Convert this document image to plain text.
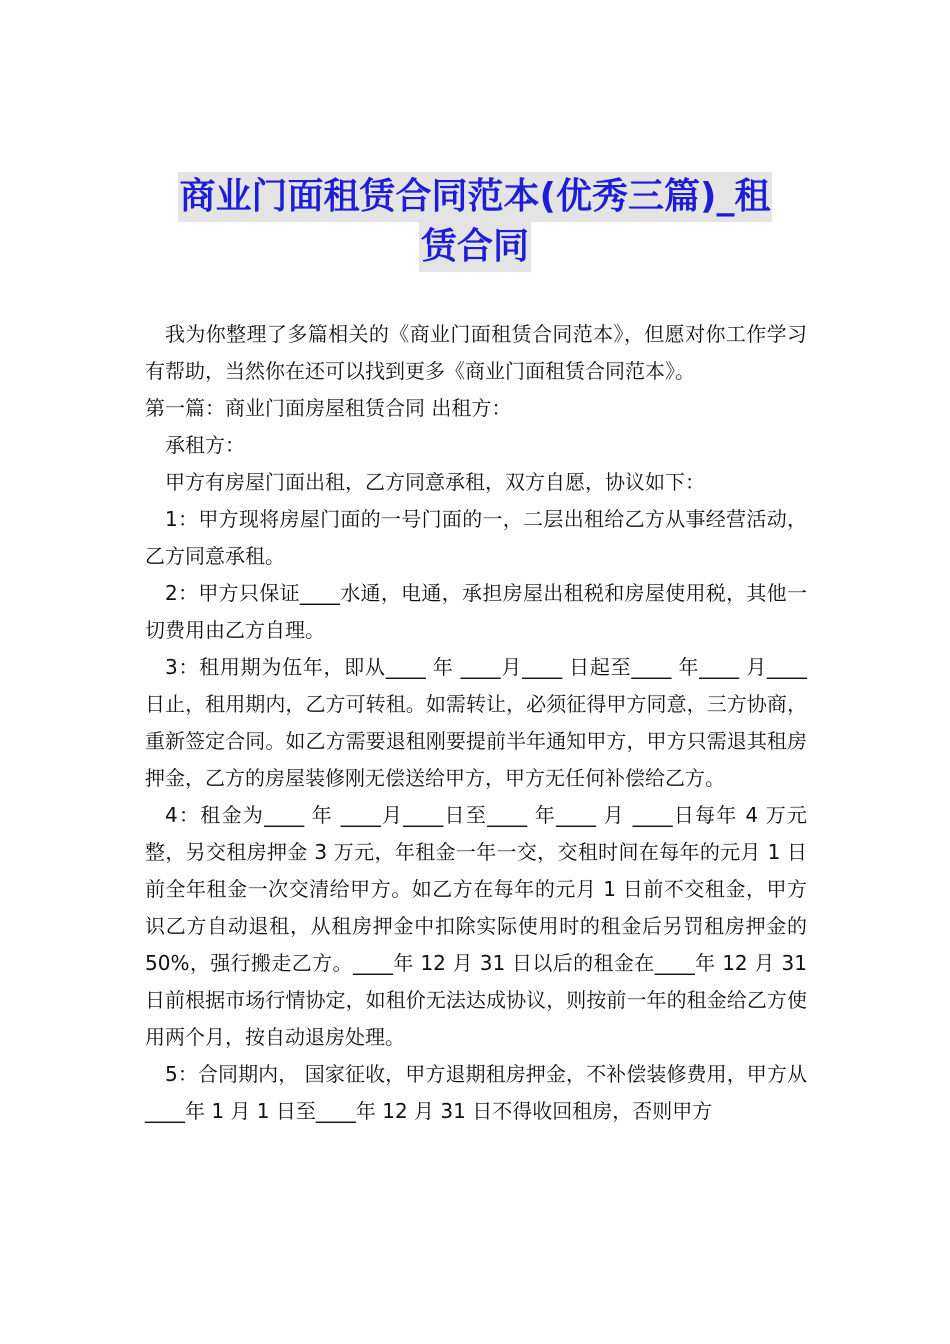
商业门面租赁合同范本(优秀三篇)_租
赁合同

我为你整理了多篇相关的《商业门面租赁合同范本》，但愿对你工作学习有帮助，当然你在还可以找到更多《商业门面租赁合同范本》。

第一篇：商业门面房屋租赁合同 出租方：

承租方：

甲方有房屋门面出租，乙方同意承租，双方自愿，协议如下：

1：甲方现将房屋门面的一号门面的一，二层出租给乙方从事经营活动，乙方同意承租。

2：甲方只保证____水通，电通，承担房屋出租税和房屋使用税，其他一切费用由乙方自理。

3：租用期为伍年，即从____ 年 ____月____ 日起至____ 年____ 月____日止，租用期内，乙方可转租。如需转让，必须征得甲方同意，三方协商，重新签定合同。如乙方需要退租刚要提前半年通知甲方，甲方只需退其租房押金，乙方的房屋装修刚无偿送给甲方，甲方无任何补偿给乙方。

4：租金为____ 年 ____月____日至____ 年____ 月 ____日每年 4 万元整，另交租房押金 3 万元，年租金一年一交，交租时间在每年的元月 1 日前全年租金一次交清给甲方。如乙方在每年的元月 1 日前不交租金，甲方识乙方自动退租，从租房押金中扣除实际使用时的租金后另罚租房押金的 50%，强行搬走乙方。____年 12 月 31 日以后的租金在____年 12 月 31 日前根据市场行情协定，如租价无法达成协议，则按前一年的租金给乙方使用两个月，按自动退房处理。

5：合同期内， 国家征收，甲方退期租房押金，不补偿装修费用，甲方从____年 1 月 1 日至____年 12 月 31 日不得收回租房，否则甲方
